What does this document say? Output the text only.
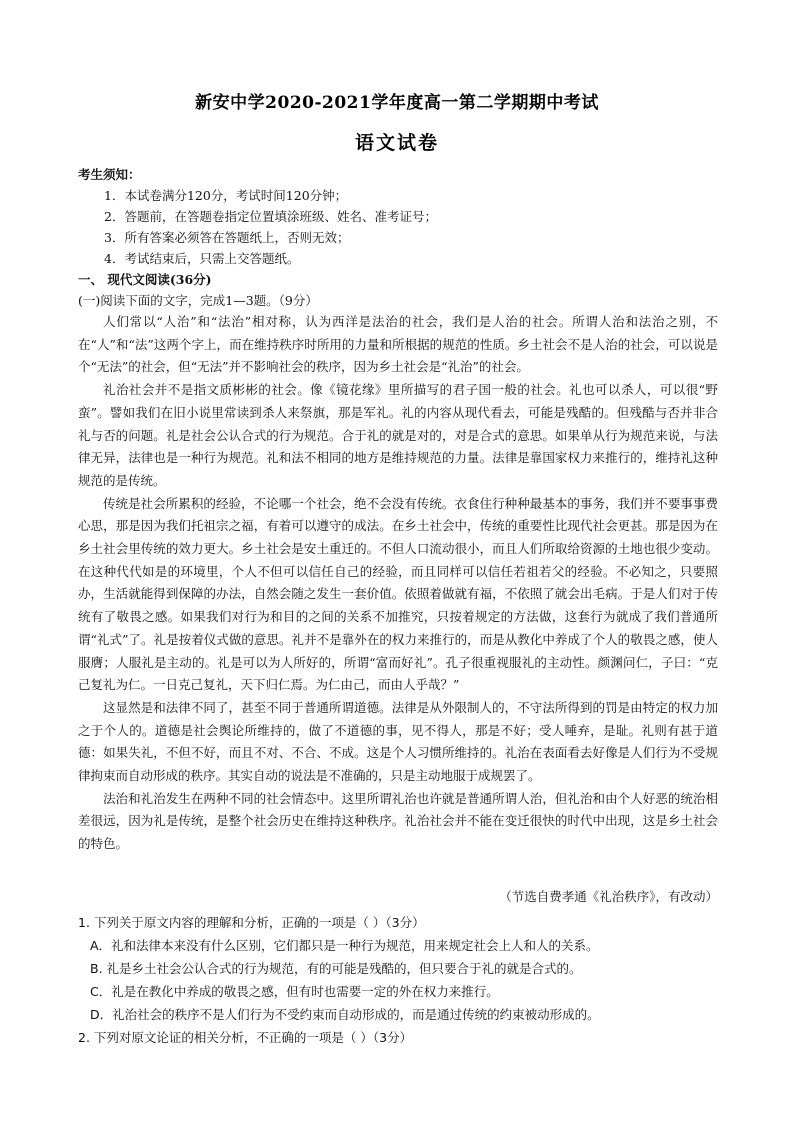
新安中学2020-2021学年度高一第二学期期中考试
语文试卷
考生须知：
1．本试卷满分120分，考试时间120分钟；
2．答题前，在答题卷指定位置填涂班级、姓名、准考证号；
3．所有答案必须答在答题纸上，否则无效；
4．考试结束后，只需上交答题纸。
一、 现代文阅读(36分)
(一)阅读下面的文字，完成1—3题。（9分）

人们常以“人治”和“法治”相对称，认为西洋是法治的社会，我们是人治的社会。所谓人治和法治之别，不在“人”和“法”这两个字上，而在维持秩序时所用的力量和所根据的规范的性质。乡土社会不是人治的社会，可以说是个“无法”的社会，但“无法”并不影响社会的秩序，因为乡土社会是“礼治”的社会。

礼治社会并不是指文质彬彬的社会。像《镜花缘》里所描写的君子国一般的社会。礼也可以杀人，可以很“野蛮”。譬如我们在旧小说里常读到杀人来祭旗，那是军礼。礼的内容从现代看去，可能是残酷的。但残酷与否并非合礼与否的问题。礼是社会公认合式的行为规范。合于礼的就是对的，对是合式的意思。如果单从行为规范来说，与法律无异，法律也是一种行为规范。礼和法不相同的地方是维持规范的力量。法律是靠国家权力来推行的，维持礼这种规范的是传统。

传统是社会所累积的经验，不论哪一个社会，绝不会没有传统。衣食住行种种最基本的事务，我们并不要事事费心思，那是因为我们托祖宗之福，有着可以遵守的成法。在乡土社会中，传统的重要性比现代社会更甚。那是因为在乡土社会里传统的效力更大。乡土社会是安土重迁的。不但人口流动很小，而且人们所取给资源的土地也很少变动。在这种代代如是的环境里，个人不但可以信任自己的经验，而且同样可以信任若祖若父的经验。不必知之，只要照办，生活就能得到保障的办法，自然会随之发生一套价值。依照着做就有福，不依照了就会出毛病。于是人们对于传统有了敬畏之感。如果我们对行为和目的之间的关系不加推究，只按着规定的方法做，这套行为就成了我们普通所谓“礼式”了。礼是按着仪式做的意思。礼并不是靠外在的权力来推行的，而是从教化中养成了个人的敬畏之感，使人服膺；人服礼是主动的。礼是可以为人所好的，所谓“富而好礼”。孔子很重视服礼的主动性。颜渊问仁，子曰：“克己复礼为仁。一日克己复礼，天下归仁焉。为仁由己，而由人乎哉？”

这显然是和法律不同了，甚至不同于普通所谓道德。法律是从外限制人的，不守法所得到的罚是由特定的权力加之于个人的。道德是社会舆论所维持的，做了不道德的事，见不得人，那是不好；受人唾弃，是耻。礼则有甚于道德：如果失礼，不但不好，而且不对、不合、不成。这是个人习惯所维持的。礼治在表面看去好像是人们行为不受规律拘束而自动形成的秩序。其实自动的说法是不准确的，只是主动地服于成规罢了。

法治和礼治发生在两种不同的社会情态中。这里所谓礼治也许就是普通所谓人治，但礼治和由个人好恶的统治相差很远，因为礼是传统，是整个社会历史在维持这种秩序。礼治社会并不能在变迁很快的时代中出现，这是乡土社会的特色。

（节选自费孝通《礼治秩序》，有改动）
1. 下列关于原文内容的理解和分析，正确的一项是（ ）（3分）
A．礼和法律本来没有什么区别，它们都只是一种行为规范，用来规定社会上人和人的关系。
B. 礼是乡土社会公认合式的行为规范，有的可能是残酷的，但只要合于礼的就是合式的。
C．礼是在教化中养成的敬畏之感，但有时也需要一定的外在权力来推行。
D．礼治社会的秩序不是人们行为不受约束而自动形成的，而是通过传统的约束被动形成的。
2. 下列对原文论证的相关分析，不正确的一项是（ ）（3分）
